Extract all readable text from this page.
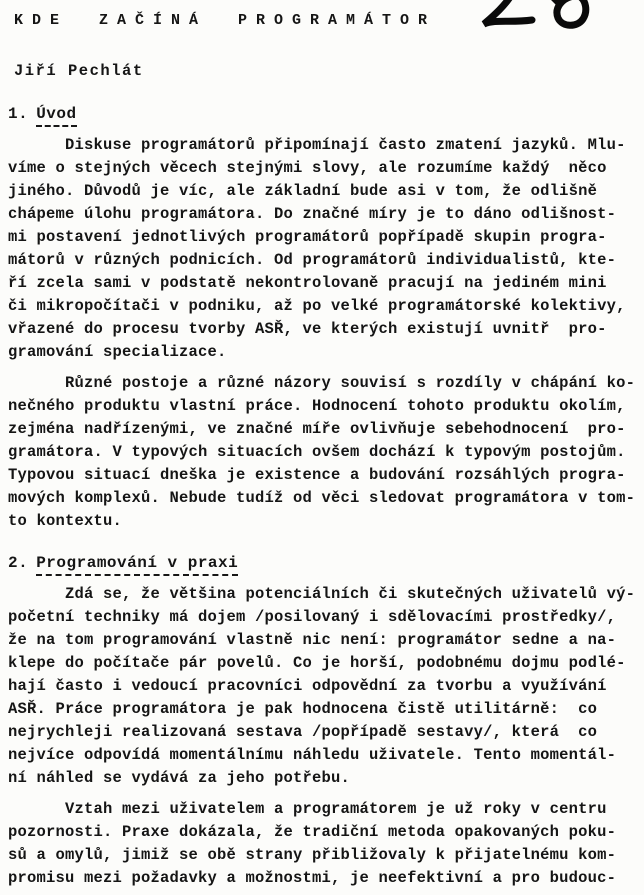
KDE ZAČÍNÁ PROGRAMÁTOR
Jiří Pechlát
1. Úvod
Diskuse programátorů připomínají často zmatení jazyků. Mlu-
víme o stejných věcech stejnými slovy, ale rozumíme každý  něco
jiného. Důvodů je víc, ale základní bude asi v tom, že odlišně
chápeme úlohu programátora. Do značné míry je to dáno odlišnost-
mi postavení jednotlivých programátorů popřípadě skupin progra-
mátorů v různých podnicích. Od programátorů individualistů, kte-
ří zcela sami v podstatě nekontrolovaně pracují na jediném mini
či mikropočítači v podniku, až po velké programátorské kolektivy,
vřazené do procesu tvorby ASŘ, ve kterých existují uvnitř  pro-
gramování specializace.
Různé postoje a různé názory souvisí s rozdíly v chápání ko-
nečného produktu vlastní práce. Hodnocení tohoto produktu okolím,
zejména nadřízenými, ve značné míře ovlivňuje sebehodnocení  pro-
gramátora. V typových situacích ovšem dochází k typovým postojům.
Typovou situací dneška je existence a budování rozsáhlých progra-
mových komplexů. Nebude tudíž od věci sledovat programátora v tom-
to kontextu.
2. Programování v praxi
Zdá se, že většina potenciálních či skutečných uživatelů vý-
početní techniky má dojem /posilovaný i sdělovacími prostředky/,
že na tom programování vlastně nic není: programátor sedne a na-
klepe do počítače pár povelů. Co je horší, podobnému dojmu podlé-
hají často i vedoucí pracovníci odpovědní za tvorbu a využívání
ASŘ. Práce programátora je pak hodnocena čistě utilitárně:  co
nejrychleji realizovaná sestava /popřípadě sestavy/, která  co
nejvíce odpovídá momentálnímu náhledu uživatele. Tento momentál-
ní náhled se vydává za jeho potřebu.
Vztah mezi uživatelem a programátorem je už roky v centru
pozornosti. Praxe dokázala, že tradiční metoda opakovaných poku-
sů a omylů, jimiž se obě strany přibližovaly k přijatelnému kom-
promisu mezi požadavky a možnostmi, je neefektivní a pro budouc-
